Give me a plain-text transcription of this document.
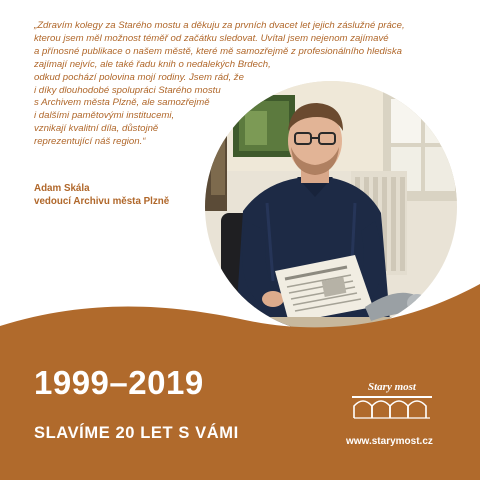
„Zdravím kolegy za Starého mostu a děkuju za prvních dvacet let jejich záslužné práce,
kterou jsem měl možnost téměř od začátku sledovat. Uvítal jsem nejenom zajímavé
a přínosné publikace o našem městě, které mě samozřejmě z profesionálního hlediska
zajímají nejvíc, ale také řadu knih o nedalekých Brdech,
odkud pochází polovina mojí rodiny. Jsem rád, že
i díky dlouhodobé spolupráci Starého mostu
s Archivem města Plzně, ale samozřejmě
i dalšími pamětovými institucemi,
vznikají kvalitní díla, důstojně
reprezentující náš region.“
Adam Skála
vedoucí Archivu města Plzně
1999–2019
SLAVÍME 20 LET S VÁMI
Stary most
www.starymost.cz
